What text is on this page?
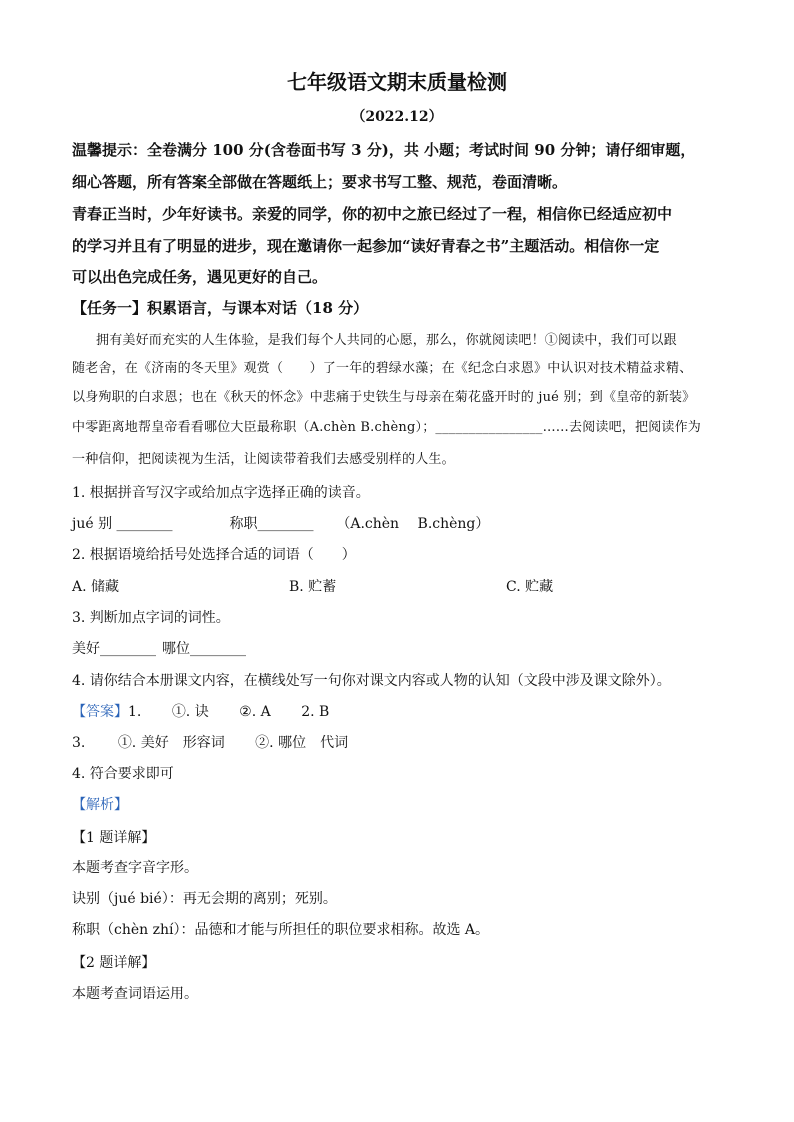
七年级语文期末质量检测
（2022.12）
温馨提示：全卷满分 100 分(含卷面书写 3 分)，共 小题；考试时间 90 分钟；请仔细审题，
细心答题，所有答案全部做在答题纸上；要求书写工整、规范，卷面清晰。
青春正当时，少年好读书。亲爱的同学，你的初中之旅已经过了一程，相信你已经适应初中
的学习并且有了明显的进步，现在邀请你一起参加“读好青春之书”主题活动。相信你一定
可以出色完成任务，遇见更好的自己。
【任务一】积累语言，与课本对话（18 分）
拥有美好而充实的人生体验，是我们每个人共同的心愿，那么，你就阅读吧！①阅读中，我们可以跟
随老舍，在《济南的冬天里》观赏（　　）了一年的碧绿水藻；在《纪念白求恩》中认识对技术精益求精、
以身殉职的白求恩；也在《秋天的怀念》中悲痛于史铁生与母亲在菊花盛开时的 jué 别；到《皇帝的新装》
中零距离地帮皇帝看看哪位大臣最称职（A.chèn B.chèng）；________________……去阅读吧，把阅读作为
一种信仰，把阅读视为生活，让阅读带着我们去感受别样的人生。
1. 根据拼音写汉字或给加点字选择正确的读音。
jué 别 ________	称职________ （A.chèn　 B.chèng）
2. 根据语境给括号处选择合适的词语（　　）
A. 储藏	B. 贮蓄	C. 贮藏
3. 判断加点字词的词性。
美好________ 哪位________
4. 请你结合本册课文内容，在横线处写一句你对课文内容或人物的认知（文段中涉及课文除外）。
【答案】1. ①. 诀 ②. A 2. B
3. ①. 美好　形容词 ②. 哪位　代词
4. 符合要求即可
【解析】
【1 题详解】
本题考查字音字形。
诀别（jué bié）：再无会期的离别；死别。
称职（chèn zhí）：品德和才能与所担任的职位要求相称。故选 A。
【2 题详解】
本题考查词语运用。
